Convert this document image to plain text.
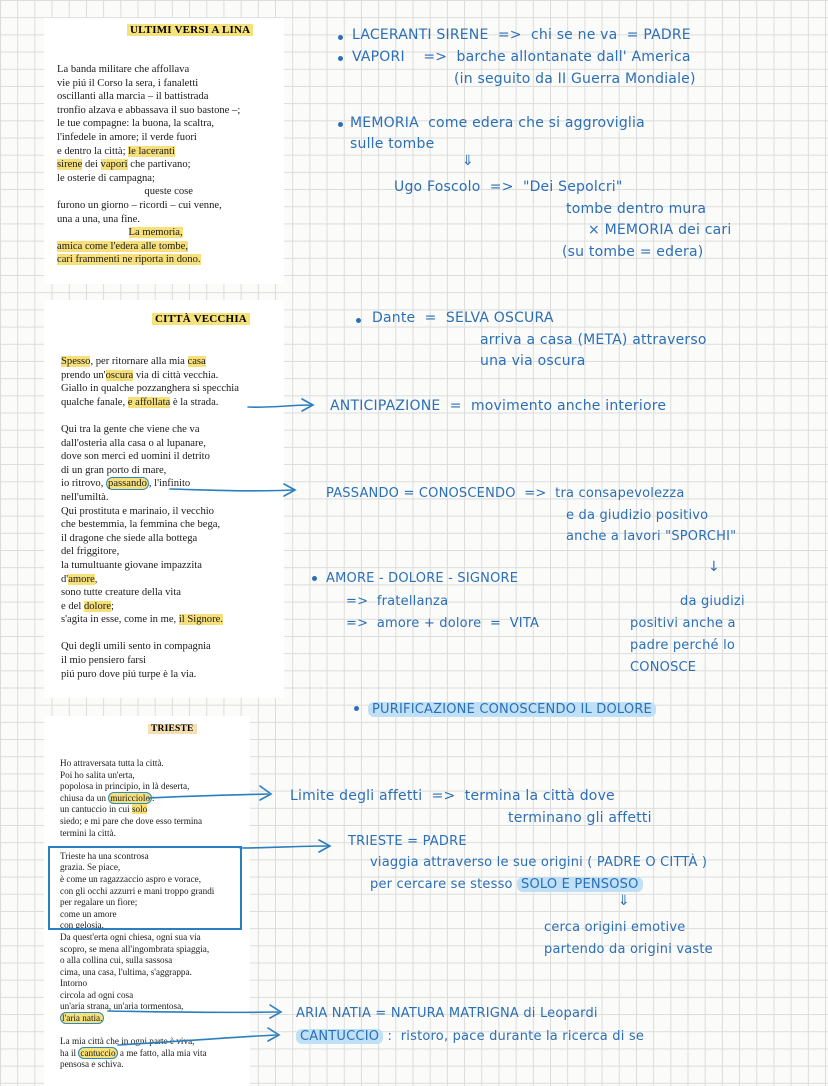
ULTIMI VERSI A LINA
La banda militare che affollava
vie piú il Corso la sera, i fanaletti
oscillanti alla marcia – il battistrada
tronfio alzava e abbassava il suo bastone –;
le tue compagne: la buona, la scaltra,
l'infedele in amore; il verde fuori
e dentro la città; le laceranti
sirene dei vapori che partivano;
le osterie di campagna;
queste cose
furono un giorno – ricordi – cui venne,
una a una, una fine.
La memoria,
amica come l'edera alle tombe,
cari frammenti ne riporta in dono.
CITTÀ VECCHIA
Spesso, per ritornare alla mia casa
prendo un'oscura via di città vecchia.
Giallo in qualche pozzanghera si specchia
qualche fanale, e affollata è la strada.

Qui tra la gente che viene che va
dall'osteria alla casa o al lupanare,
dove son merci ed uomini il detrito
di un gran porto di mare,
io ritrovo, passando , l'infinito
nell'umiltà.
Qui prostituta e marinaio, il vecchio
che bestemmia, la femmina che bega,
il dragone che siede alla bottega
del friggitore,
la tumultuante giovane impazzita
d'amore,
sono tutte creature della vita
e del dolore;
s'agita in esse, come in me, il Signore.

Qui degli umili sento in compagnia
il mio pensiero farsi
piú puro dove piú turpe è la via.
TRIESTE
Ho attraversata tutta la città.
Poi ho salita un'erta,
popolosa in principio, in là deserta,
chiusa da un muricciolo :
un cantuccio in cui solo
siedo; e mi pare che dove esso termina
termini la città.

Trieste ha una scontrosa
grazia. Se piace,
è come un ragazzaccio aspro e vorace,
con gli occhi azzurri e mani troppo grandi
per regalare un fiore;
come un amore
con gelosia.
Da quest'erta ogni chiesa, ogni sua via
scopro, se mena all'ingombrata spiaggia,
o alla collina cui, sulla sassosa
cima, una casa, l'ultima, s'aggrappa.
Intorno
circola ad ogni cosa
un'aria strana, un'aria tormentosa,
l'aria natia.

La mia città che in ogni parte è viva,
ha il cantuccio a me fatto, alla mia vita
pensosa e schiva.
LACERANTI SIRENE  =>  chi se ne va  = PADRE
VAPORI    =>  barche allontanate dall' America
(in seguito da II Guerra Mondiale)
MEMORIA  come edera che si aggroviglia
sulle tombe
⇓
Ugo Foscolo  =>  "Dei Sepolcri"
tombe dentro mura
× MEMORIA dei cari
(su tombe = edera)
Dante  =  SELVA OSCURA
arriva a casa (META) attraverso
una via oscura
ANTICIPAZIONE  =  movimento anche interiore
PASSANDO = CONOSCENDO  =>  tra consapevolezza
e da giudizio positivo
anche a lavori "SPORCHI"
↓
AMORE - DOLORE - SIGNORE
=>  fratellanza
=>  amore + dolore  =  VITA
da giudizi
positivi anche a
padre perché lo
CONOSCE
PURIFICAZIONE CONOSCENDO IL DOLORE
Limite degli affetti  =>  termina la città dove
terminano gli affetti
TRIESTE = PADRE
viaggia attraverso le sue origini ( PADRE O CITTÀ )
per cercare se stesso SOLO E PENSOSO
⇓
cerca origini emotive
partendo da origini vaste
ARIA NATIA = NATURA MATRIGNA di Leopardi
CANTUCCIO :  ristoro, pace durante la ricerca di se
